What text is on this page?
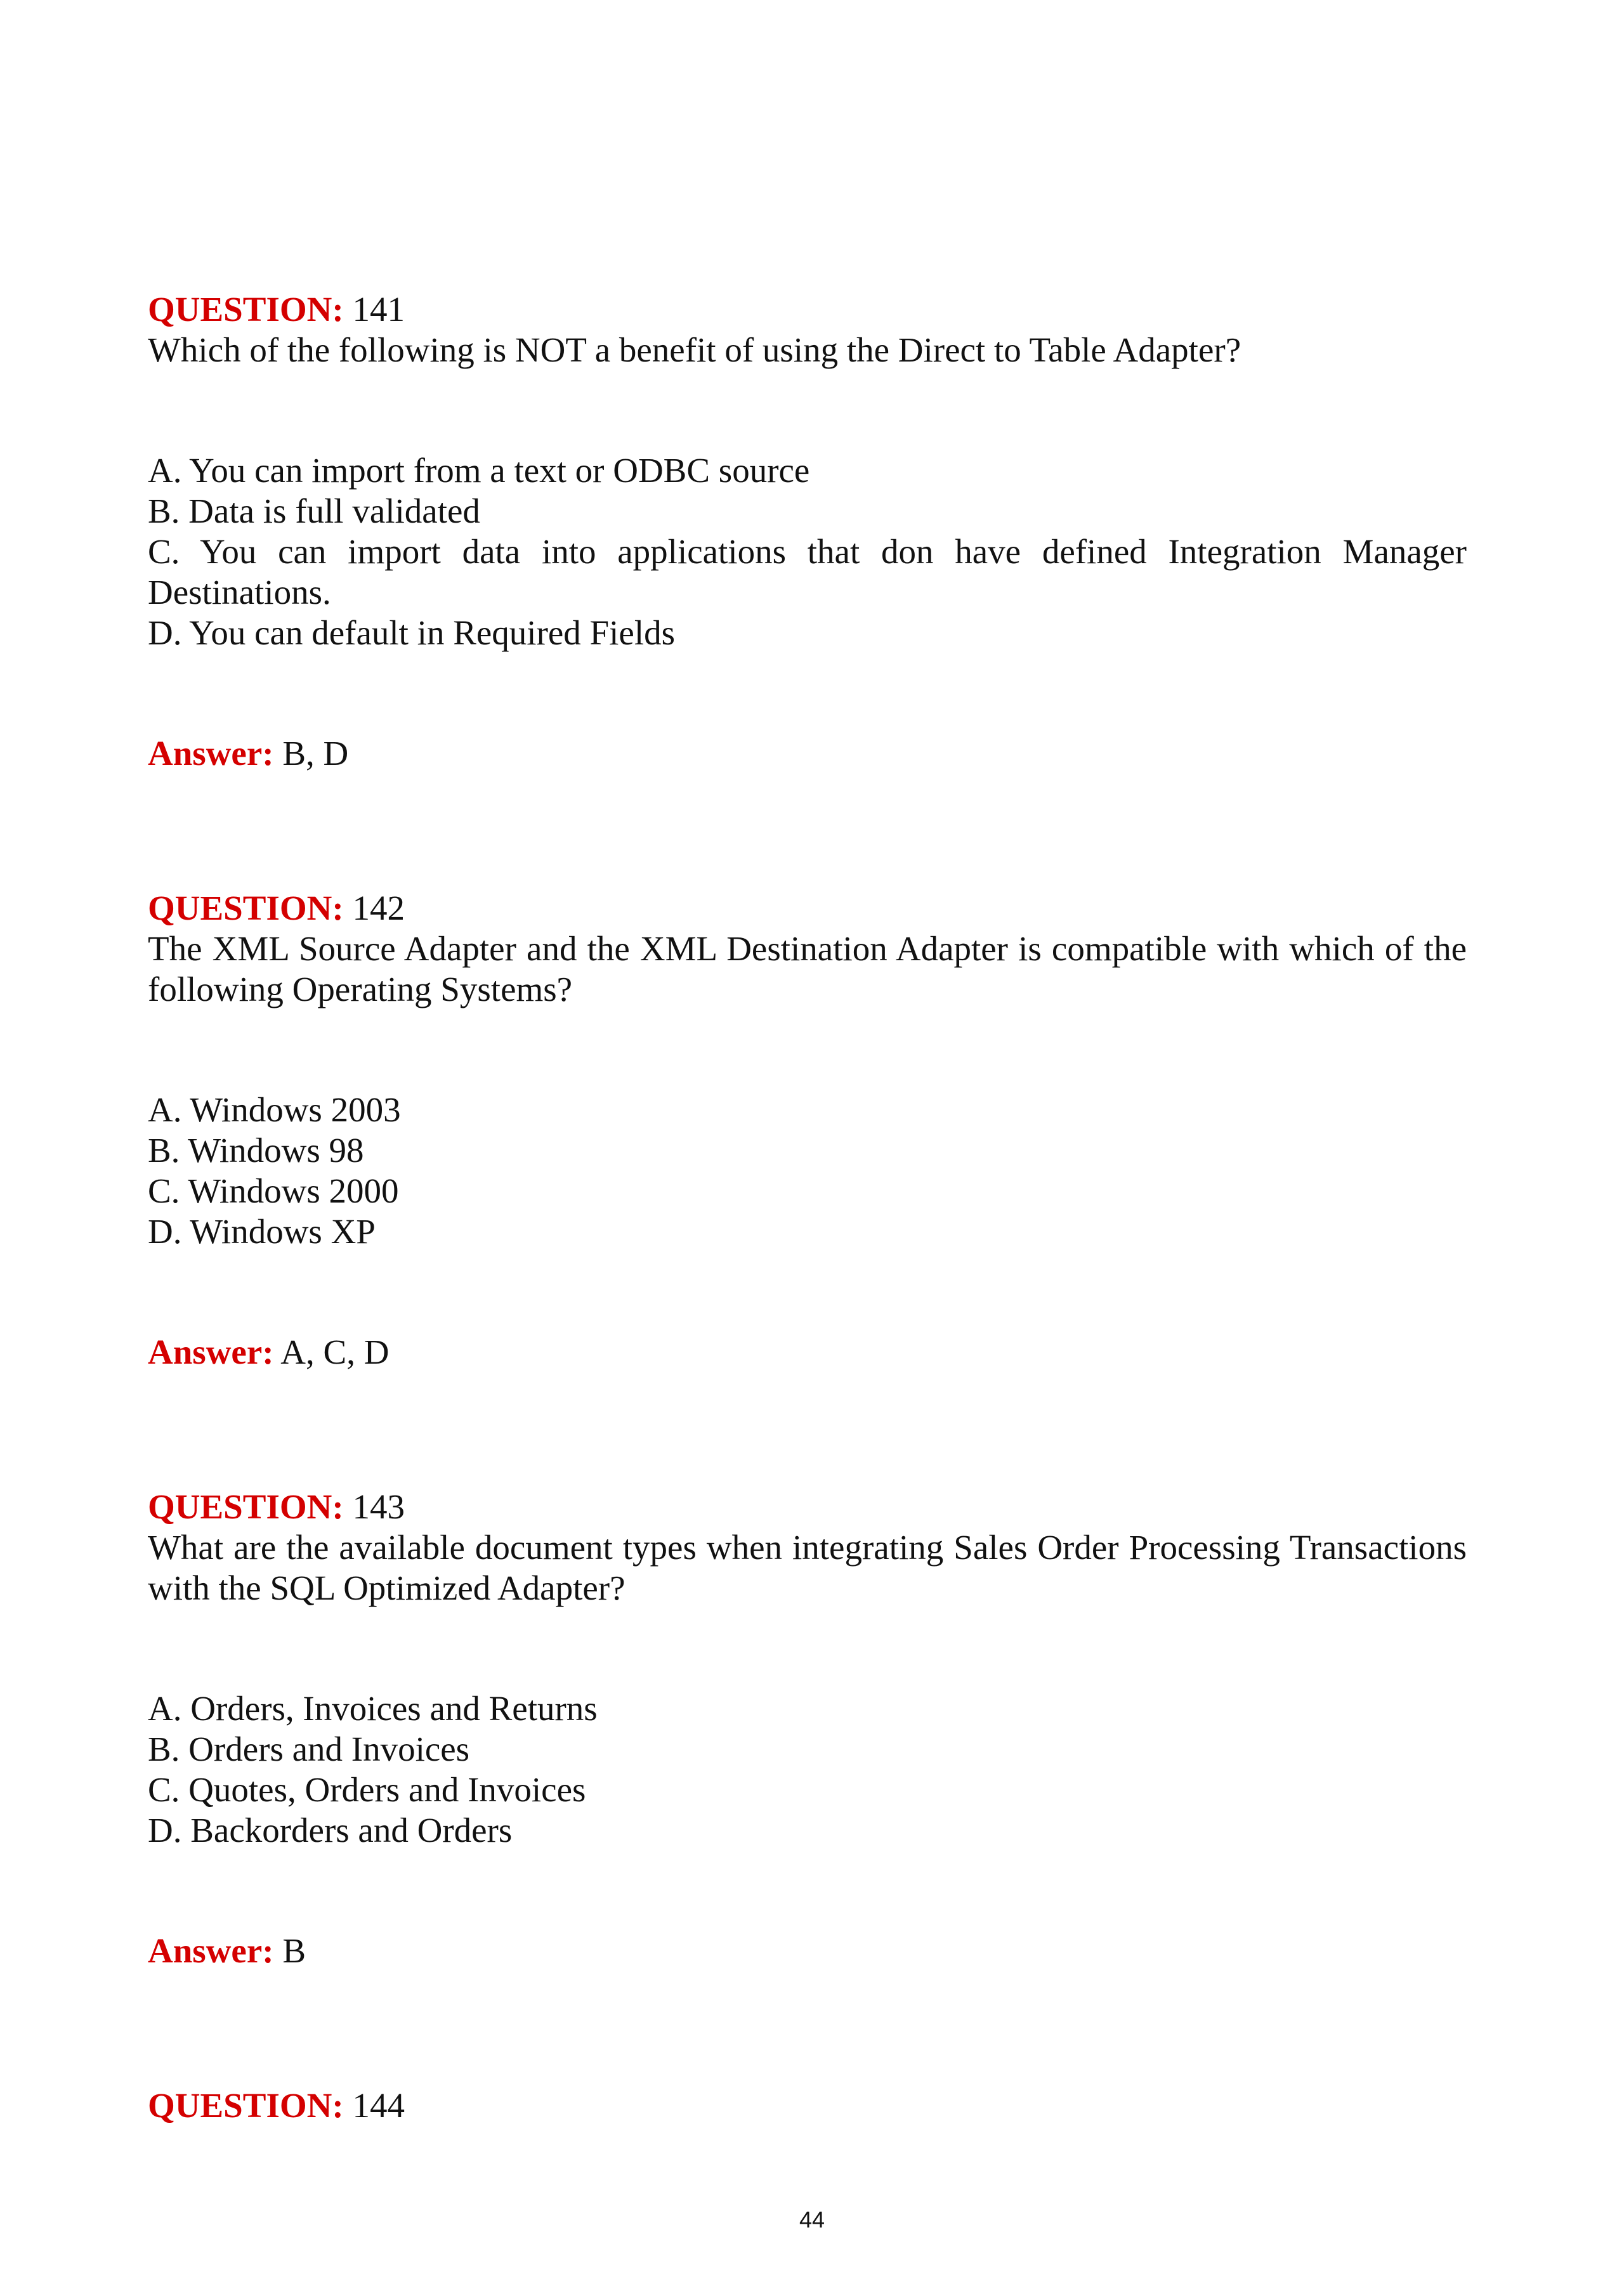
QUESTION: 141

Which of the following is NOT a benefit of using the Direct to Table Adapter?

A. You can import from a text or ODBC source
B. Data is full validated
C. You can import data into applications that don have defined Integration Manager Destinations.
D. You can default in Required Fields

Answer: B, D

QUESTION: 142

The XML Source Adapter and the XML Destination Adapter is compatible with which of the following Operating Systems?

A. Windows 2003
B. Windows 98
C. Windows 2000
D. Windows XP

Answer: A, C, D

QUESTION: 143

What are the available document types when integrating Sales Order Processing Transactions with the SQL Optimized Adapter?

A. Orders, Invoices and Returns
B. Orders and Invoices
C. Quotes, Orders and Invoices
D. Backorders and Orders

Answer: B

QUESTION: 144

44
